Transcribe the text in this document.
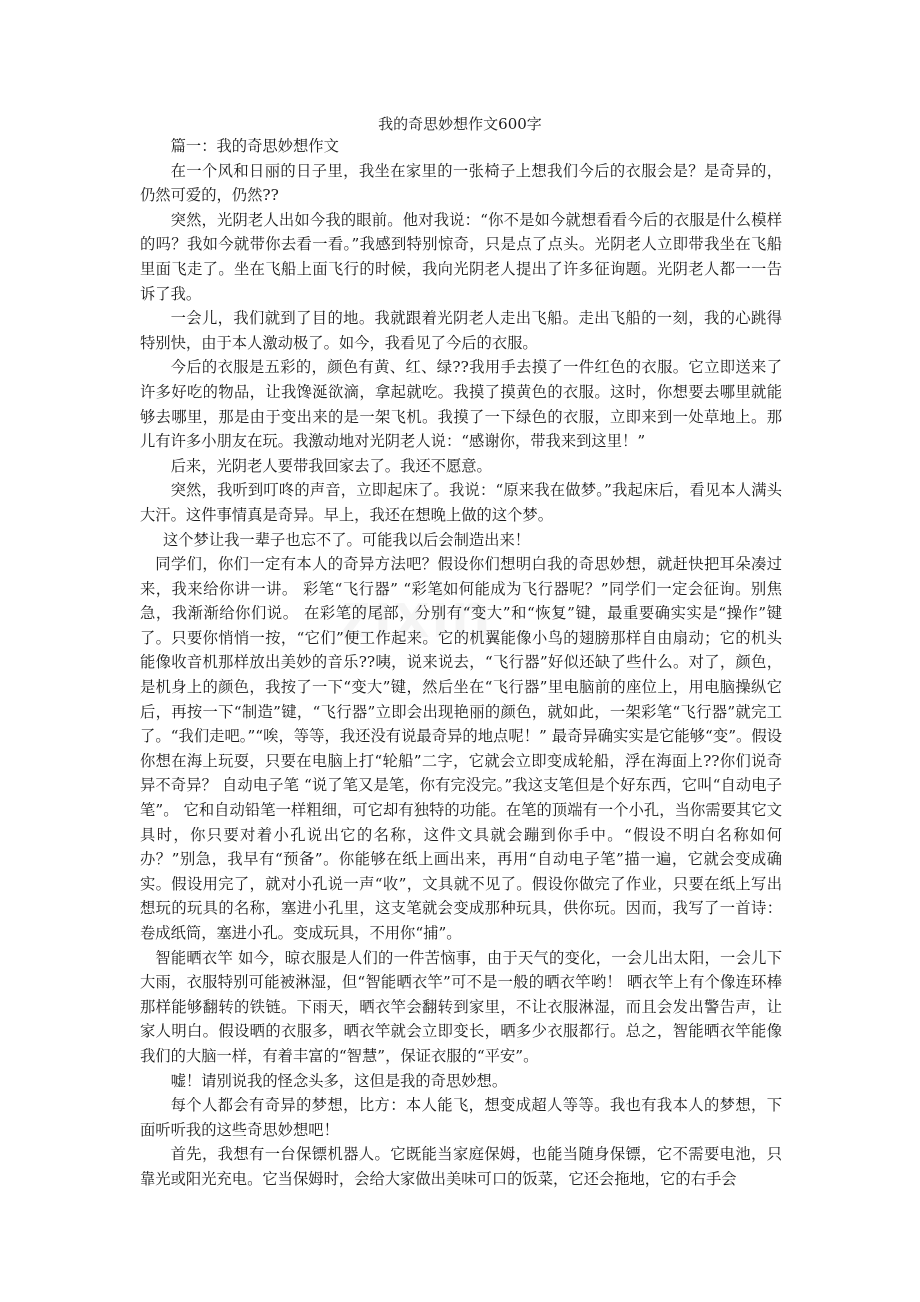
zixin
我的奇思妙想作文600字

篇一：我的奇思妙想作文

在一个风和日丽的日子里，我坐在家里的一张椅子上想我们今后的衣服会是？是奇异的，仍然可爱的，仍然??

突然，光阴老人出如今我的眼前。他对我说：“你不是如今就想看看今后的衣服是什么模样的吗？我如今就带你去看一看。”我感到特别惊奇，只是点了点头。光阴老人立即带我坐在飞船里面飞走了。坐在飞船上面飞行的时候，我向光阴老人提出了许多征询题。光阴老人都一一告诉了我。

一会儿，我们就到了目的地。我就跟着光阴老人走出飞船。走出飞船的一刻，我的心跳得特别快，由于本人激动极了。如今，我看见了今后的衣服。

今后的衣服是五彩的，颜色有黄、红、绿??我用手去摸了一件红色的衣服。它立即送来了许多好吃的物品，让我馋涎欲滴，拿起就吃。我摸了摸黄色的衣服。这时，你想要去哪里就能够去哪里，那是由于变出来的是一架飞机。我摸了一下绿色的衣服，立即来到一处草地上。那儿有许多小朋友在玩。我激动地对光阴老人说：“感谢你，带我来到这里！”

后来，光阴老人要带我回家去了。我还不愿意。

突然，我听到叮咚的声音，立即起床了。我说：“原来我在做梦。”我起床后，看见本人满头大汗。这件事情真是奇异。早上，我还在想晚上做的这个梦。

这个梦让我一辈子也忘不了。可能我以后会制造出来！

同学们，你们一定有本人的奇异方法吧？假设你们想明白我的奇思妙想，就赶快把耳朵凑过来，我来给你讲一讲。 彩笔“飞行器” “彩笔如何能成为飞行器呢？”同学们一定会征询。别焦急，我渐渐给你们说。 在彩笔的尾部，分别有“变大”和“恢复”键，最重要确实实是“操作”键了。只要你悄悄一按，“它们”便工作起来。它的机翼能像小鸟的翅膀那样自由扇动；它的机头能像收音机那样放出美妙的音乐??咦，说来说去，“飞行器”好似还缺了些什么。对了，颜色，是机身上的颜色，我按了一下“变大”键，然后坐在“飞行器”里电脑前的座位上，用电脑操纵它后，再按一下“制造”键，“飞行器”立即会出现艳丽的颜色，就如此，一架彩笔“飞行器”就完工了。“我们走吧。”“唉，等等，我还没有说最奇异的地点呢！” 最奇异确实实是它能够“变”。假设你想在海上玩耍，只要在电脑上打“轮船”二字，它就会立即变成轮船，浮在海面上??你们说奇异不奇异？ 自动电子笔 “说了笔又是笔，你有完没完。”我这支笔但是个好东西，它叫“自动电子笔”。 它和自动铅笔一样粗细，可它却有独特的功能。在笔的顶端有一个小孔，当你需要其它文具时，你只要对着小孔说出它的名称，这件文具就会蹦到你手中。“假设不明白名称如何办？”别急，我早有“预备”。你能够在纸上画出来，再用“自动电子笔”描一遍，它就会变成确实。假设用完了，就对小孔说一声“收”，文具就不见了。假设你做完了作业，只要在纸上写出想玩的玩具的名称，塞进小孔里，这支笔就会变成那种玩具，供你玩。因而，我写了一首诗：卷成纸筒，塞进小孔。变成玩具，不用你“捕”。

智能晒衣竿 如今，晾衣服是人们的一件苦恼事，由于天气的变化，一会儿出太阳，一会儿下大雨，衣服特别可能被淋湿，但“智能晒衣竿”可不是一般的晒衣竿哟！ 晒衣竿上有个像连环棒那样能够翻转的铁链。下雨天，晒衣竿会翻转到家里，不让衣服淋湿，而且会发出警告声，让家人明白。假设晒的衣服多，晒衣竿就会立即变长，晒多少衣服都行。总之，智能晒衣竿能像我们的大脑一样，有着丰富的“智慧”，保证衣服的“平安”。

嘘！请别说我的怪念头多，这但是我的奇思妙想。

每个人都会有奇异的梦想，比方：本人能飞，想变成超人等等。我也有我本人的梦想，下面听听我的这些奇思妙想吧！

首先，我想有一台保镖机器人。它既能当家庭保姆，也能当随身保镖，它不需要电池，只靠光或阳光充电。它当保姆时，会给大家做出美味可口的饭菜，它还会拖地，它的右手会
